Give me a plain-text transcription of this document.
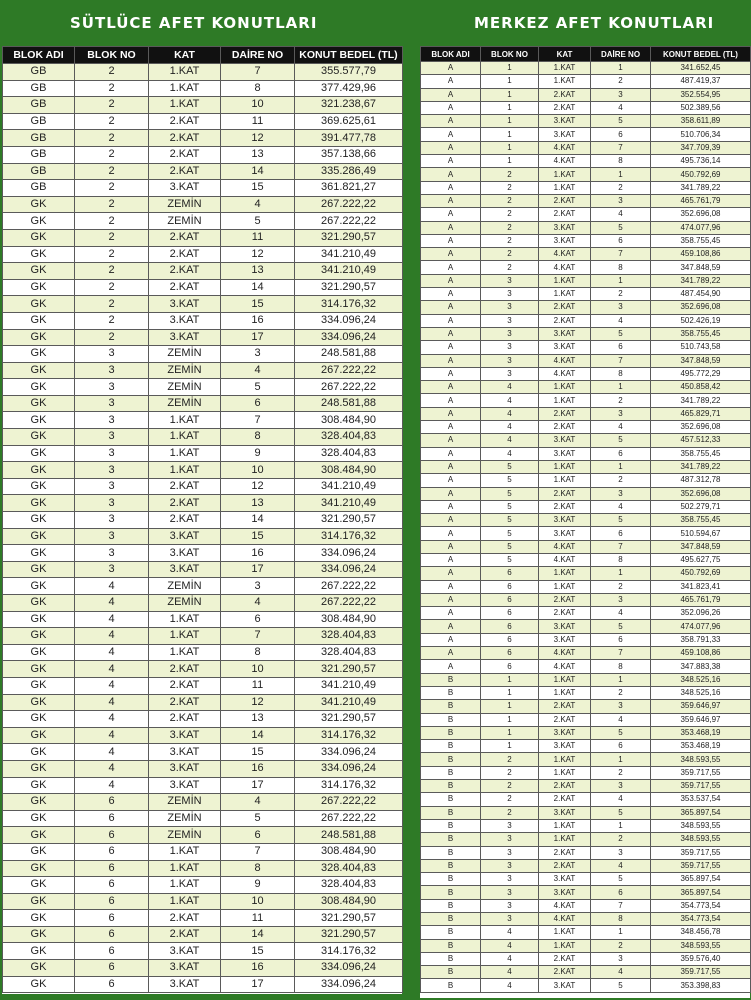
SÜTLÜCE AFET KONUTLARI	MERKEZ AFET KONUTLARI
BLOK ADI	BLOK NO	KAT	DAİRE NO	KONUT BEDEL (TL)
GB	2	1.KAT	7	355.577,79
GB	2	1.KAT	8	377.429,96
GB	2	1.KAT	10	321.238,67
GB	2	2.KAT	11	369.625,61
GB	2	2.KAT	12	391.477,78
GB	2	2.KAT	13	357.138,66
GB	2	2.KAT	14	335.286,49
GB	2	3.KAT	15	361.821,27
GK	2	ZEMİN	4	267.222,22
GK	2	ZEMİN	5	267.222,22
GK	2	2.KAT	11	321.290,57
GK	2	2.KAT	12	341.210,49
GK	2	2.KAT	13	341.210,49
GK	2	2.KAT	14	321.290,57
GK	2	3.KAT	15	314.176,32
GK	2	3.KAT	16	334.096,24
GK	2	3.KAT	17	334.096,24
GK	3	ZEMİN	3	248.581,88
GK	3	ZEMİN	4	267.222,22
GK	3	ZEMİN	5	267.222,22
GK	3	ZEMİN	6	248.581,88
GK	3	1.KAT	7	308.484,90
GK	3	1.KAT	8	328.404,83
GK	3	1.KAT	9	328.404,83
GK	3	1.KAT	10	308.484,90
GK	3	2.KAT	12	341.210,49
GK	3	2.KAT	13	341.210,49
GK	3	2.KAT	14	321.290,57
GK	3	3.KAT	15	314.176,32
GK	3	3.KAT	16	334.096,24
GK	3	3.KAT	17	334.096,24
GK	4	ZEMİN	3	267.222,22
GK	4	ZEMİN	4	267.222,22
GK	4	1.KAT	6	308.484,90
GK	4	1.KAT	7	328.404,83
GK	4	1.KAT	8	328.404,83
GK	4	2.KAT	10	321.290,57
GK	4	2.KAT	11	341.210,49
GK	4	2.KAT	12	341.210,49
GK	4	2.KAT	13	321.290,57
GK	4	3.KAT	14	314.176,32
GK	4	3.KAT	15	334.096,24
GK	4	3.KAT	16	334.096,24
GK	4	3.KAT	17	314.176,32
GK	6	ZEMİN	4	267.222,22
GK	6	ZEMİN	5	267.222,22
GK	6	ZEMİN	6	248.581,88
GK	6	1.KAT	7	308.484,90
GK	6	1.KAT	8	328.404,83
GK	6	1.KAT	9	328.404,83
GK	6	1.KAT	10	308.484,90
GK	6	2.KAT	11	321.290,57
GK	6	2.KAT	14	321.290,57
GK	6	3.KAT	15	314.176,32
GK	6	3.KAT	16	334.096,24
GK	6	3.KAT	17	334.096,24
BLOK ADI	BLOK NO	KAT	DAİRE NO	KONUT BEDEL (TL)
A	1	1.KAT	1	341.652,45
A	1	1.KAT	2	487.419,37
A	1	2.KAT	3	352.554,95
A	1	2.KAT	4	502.389,56
A	1	3.KAT	5	358.611,89
A	1	3.KAT	6	510.706,34
A	1	4.KAT	7	347.709,39
A	1	4.KAT	8	495.736,14
A	2	1.KAT	1	450.792,69
A	2	1.KAT	2	341.789,22
A	2	2.KAT	3	465.761,79
A	2	2.KAT	4	352.696,08
A	2	3.KAT	5	474.077,96
A	2	3.KAT	6	358.755,45
A	2	4.KAT	7	459.108,86
A	2	4.KAT	8	347.848,59
A	3	1.KAT	1	341.789,22
A	3	1.KAT	2	487.454,90
A	3	2.KAT	3	352.696,08
A	3	2.KAT	4	502.426,19
A	3	3.KAT	5	358.755,45
A	3	3.KAT	6	510.743,58
A	3	4.KAT	7	347.848,59
A	3	4.KAT	8	495.772,29
A	4	1.KAT	1	450.858,42
A	4	1.KAT	2	341.789,22
A	4	2.KAT	3	465.829,71
A	4	2.KAT	4	352.696,08
A	4	3.KAT	5	457.512,33
A	4	3.KAT	6	358.755,45
A	5	1.KAT	1	341.789,22
A	5	1.KAT	2	487.312,78
A	5	2.KAT	3	352.696,08
A	5	2.KAT	4	502.279,71
A	5	3.KAT	5	358.755,45
A	5	3.KAT	6	510.594,67
A	5	4.KAT	7	347.848,59
A	5	4.KAT	8	495.627,75
A	6	1.KAT	1	450.792,69
A	6	1.KAT	2	341.823,41
A	6	2.KAT	3	465.761,79
A	6	2.KAT	4	352.096,26
A	6	3.KAT	5	474.077,96
A	6	3.KAT	6	358.791,33
A	6	4.KAT	7	459.108,86
A	6	4.KAT	8	347.883,38
B	1	1.KAT	1	348.525,16
B	1	1.KAT	2	348.525,16
B	1	2.KAT	3	359.646,97
B	1	2.KAT	4	359.646,97
B	1	3.KAT	5	353.468,19
B	1	3.KAT	6	353.468,19
B	2	1.KAT	1	348.593,55
B	2	1.KAT	2	359.717,55
B	2	2.KAT	3	359.717,55
B	2	2.KAT	4	353.537,54
B	2	3.KAT	5	365.897,54
B	3	1.KAT	1	348.593,55
B	3	1.KAT	2	348.593,55
B	3	2.KAT	3	359.717,55
B	3	2.KAT	4	359.717,55
B	3	3.KAT	5	365.897,54
B	3	3.KAT	6	365.897,54
B	3	4.KAT	7	354.773,54
B	3	4.KAT	8	354.773,54
B	4	1.KAT	1	348.456,78
B	4	1.KAT	2	348.593,55
B	4	2.KAT	3	359.576,40
B	4	2.KAT	4	359.717,55
B	4	3.KAT	5	353.398,83
